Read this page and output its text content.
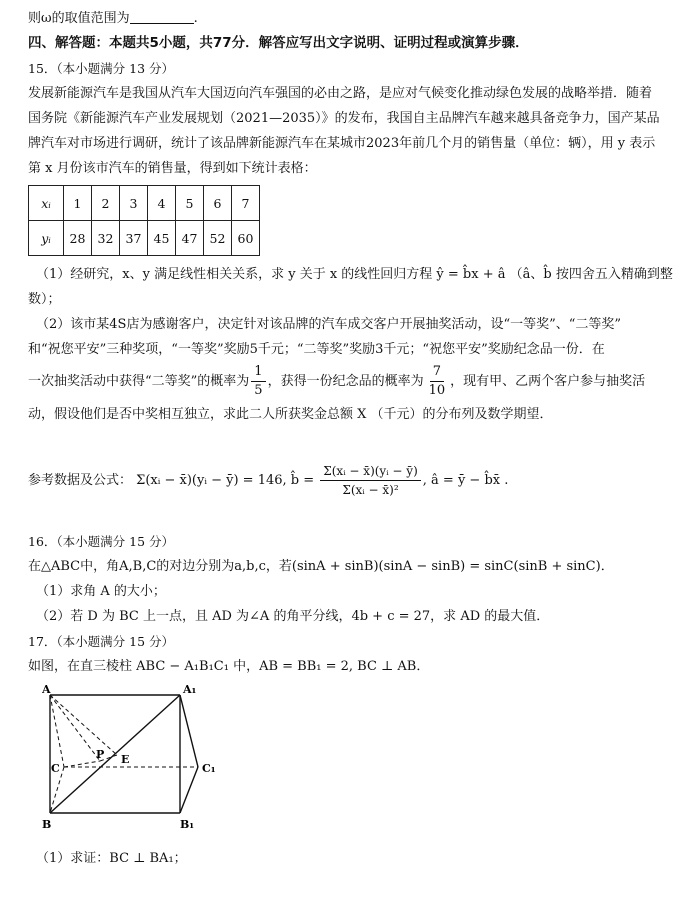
则ω的取值范围为	.
四、解答题：本题共5小题，共77分．解答应写出文字说明、证明过程或演算步骤．
15．（本小题满分 13 分）
发展新能源汽车是我国从汽车大国迈向汽车强国的必由之路，是应对气候变化推动绿色发展的战略举措．随着
国务院《新能源汽车产业发展规划（2021—2035）》的发布，我国自主品牌汽车越来越具备竞争力，国产某品
牌汽车对市场进行调研，统计了该品牌新能源汽车在某城市2023年前几个月的销售量（单位：辆），用 y 表示
第 x 月份该市汽车的销售量，得到如下统计表格：
xᵢ	1	2	3	4	5	6	7
yᵢ	28	32	37	45	47	52	60
（1）经研究，x、y 满足线性相关关系，求 y 关于 x 的线性回归方程 ŷ = b̂x + â （â、b̂ 按四舍五入精确到整
数）；
（2）该市某4S店为感谢客户，决定针对该品牌的汽车成交客户开展抽奖活动，设“一等奖”、“二等奖”
和“祝您平安”三种奖项，“一等奖”奖励5千元；“二等奖”奖励3千元；“祝您平安”奖励纪念品一份．在
一次抽奖活动中获得“二等奖”的概率为 $\frac{1}{5}$ ，获得一份纪念品的概率为 $\frac{7}{10}$ ，现有甲、乙两个客户参与抽奖活
动，假设他们是否中奖相互独立，求此二人所获奖金总额 X （千元）的分布列及数学期望．
参考数据及公式：
Σ(xᵢ − x̄)(yᵢ − ȳ) = 146, b̂ =
$\frac{\text{Σ(xᵢ − x̄)(yᵢ − ȳ)}}{\text{Σ(xᵢ − x̄)²}}$ , â = ȳ − b̂x̄ .
16．（本小题满分 15 分）
在△ABC中，角A,B,C的对边分别为a,b,c，若(sinA + sinB)(sinA − sinB) = sinC(sinB + sinC)．
（1）求角 A 的大小；
（2）若 D 为 BC 上一点，且 AD 为∠A 的角平分线，4b + c = 27，求 AD 的最大值．
17．（本小题满分 15 分）
如图，在直三棱柱 ABC − A₁B₁C₁ 中，AB = BB₁ = 2, BC ⊥ AB．
A	A₁
B	B₁
C	C₁
P E
（1）求证：BC ⊥ BA₁；
